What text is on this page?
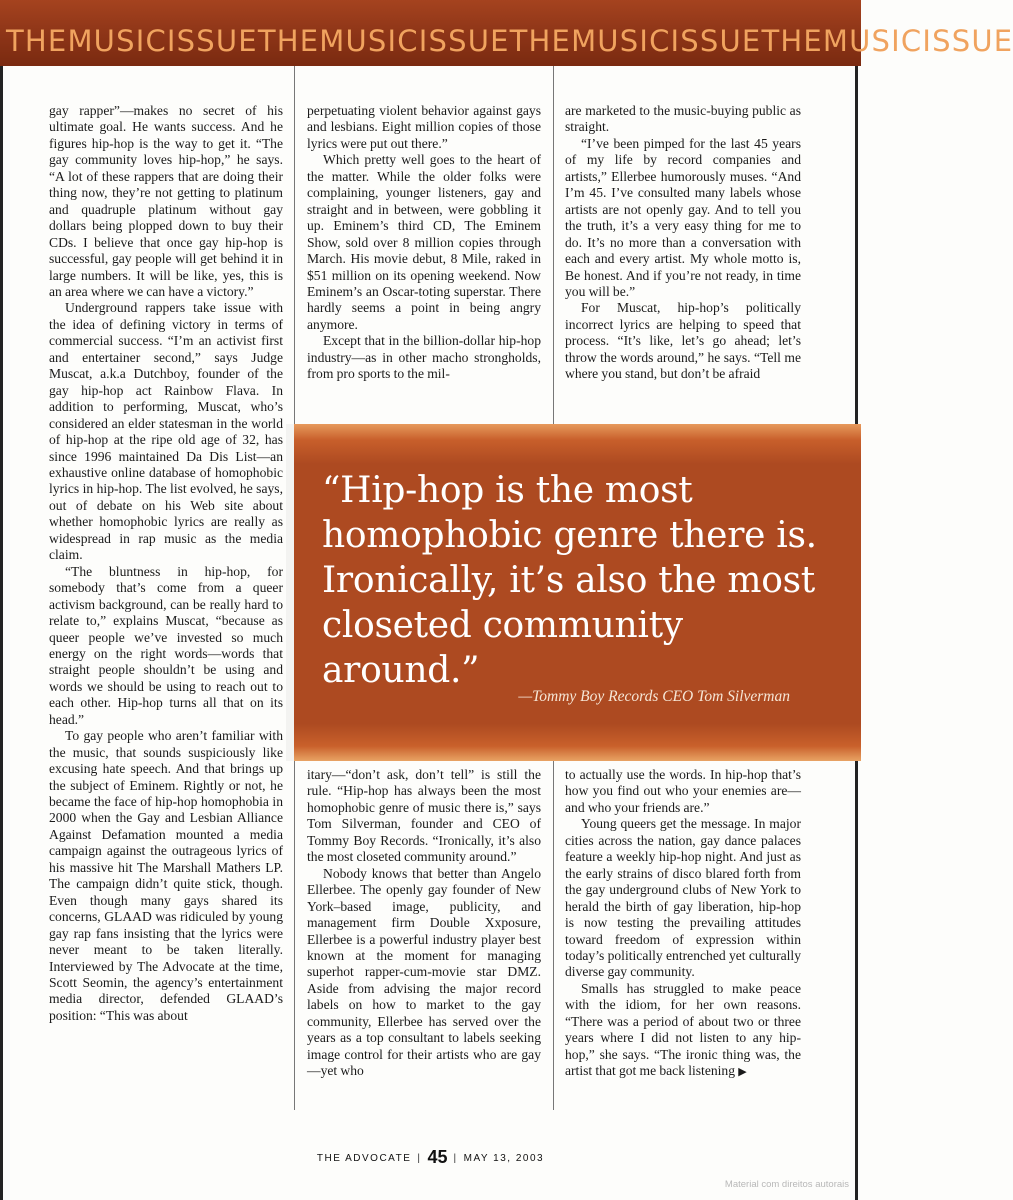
THEMUSICISSUETHEMUSICISSUETHEMUSICISSUETHEMUSICISSUE

gay rapper”—makes no secret of his ultimate goal. He wants success. And he figures hip-hop is the way to get it. “The gay community loves hip-hop,” he says. “A lot of these rappers that are doing their thing now, they’re not getting to platinum and quadruple platinum without gay dollars being plopped down to buy their CDs. I believe that once gay hip-hop is successful, gay people will get behind it in large numbers. It will be like, yes, this is an area where we can have a victory.”

Underground rappers take issue with the idea of defining victory in terms of commercial success. “I’m an activist first and entertainer second,” says Judge Muscat, a.k.a Dutchboy, founder of the gay hip-hop act Rainbow Flava. In addition to performing, Muscat, who’s considered an elder statesman in the world of hip-hop at the ripe old age of 32, has since 1996 maintained Da Dis List—an exhaustive online database of homophobic lyrics in hip-hop. The list evolved, he says, out of debate on his Web site about whether homophobic lyrics are really as widespread in rap music as the media claim.

“The bluntness in hip-hop, for somebody that’s come from a queer activism background, can be really hard to relate to,” explains Muscat, “because as queer people we’ve invested so much energy on the right words—words that straight people shouldn’t be using and words we should be using to reach out to each other. Hip-hop turns all that on its head.”

To gay people who aren’t familiar with the music, that sounds suspiciously like excusing hate speech. And that brings up the subject of Eminem. Rightly or not, he became the face of hip-hop homophobia in 2000 when the Gay and Lesbian Alliance Against Defamation mounted a media campaign against the outrageous lyrics of his massive hit The Marshall Mathers LP. The campaign didn’t quite stick, though. Even though many gays shared its concerns, GLAAD was ridiculed by young gay rap fans insisting that the lyrics were never meant to be taken literally. Interviewed by The Advocate at the time, Scott Seomin, the agency’s entertainment media director, defended GLAAD’s position: “This was about

perpetuating violent behavior against gays and lesbians. Eight million copies of those lyrics were put out there.”

Which pretty well goes to the heart of the matter. While the older folks were complaining, younger listeners, gay and straight and in between, were gobbling it up. Eminem’s third CD, The Eminem Show, sold over 8 million copies through March. His movie debut, 8 Mile, raked in $51 million on its opening weekend. Now Eminem’s an Oscar-toting superstar. There hardly seems a point in being angry anymore.

Except that in the billion-dollar hip-hop industry—as in other macho strongholds, from pro sports to the mil-

are marketed to the music-buying public as straight.

“I’ve been pimped for the last 45 years of my life by record companies and artists,” Ellerbee humorously muses. “And I’m 45. I’ve consulted many labels whose artists are not openly gay. And to tell you the truth, it’s a very easy thing for me to do. It’s no more than a conversation with each and every artist. My whole motto is, Be honest. And if you’re not ready, in time you will be.”

For Muscat, hip-hop’s politically incorrect lyrics are helping to speed that process. “It’s like, let’s go ahead; let’s throw the words around,” he says. “Tell me where you stand, but don’t be afraid

“Hip-hop is the most homophobic genre there is. Ironically, it’s also the most closeted community around.”
—Tommy Boy Records CEO Tom Silverman

itary—“don’t ask, don’t tell” is still the rule. “Hip-hop has always been the most homophobic genre of music there is,” says Tom Silverman, founder and CEO of Tommy Boy Records. “Ironically, it’s also the most closeted community around.”

Nobody knows that better than Angelo Ellerbee. The openly gay founder of New York–based image, publicity, and management firm Double Xxposure, Ellerbee is a powerful industry player best known at the moment for managing superhot rapper-cum-movie star DMZ. Aside from advising the major record labels on how to market to the gay community, Ellerbee has served over the years as a top consultant to labels seeking image control for their artists who are gay—yet who

to actually use the words. In hip-hop that’s how you find out who your enemies are—and who your friends are.”

Young queers get the message. In major cities across the nation, gay dance palaces feature a weekly hip-hop night. And just as the early strains of disco blared forth from the gay underground clubs of New York to herald the birth of gay liberation, hip-hop is now testing the prevailing attitudes toward freedom of expression within today’s politically entrenched yet culturally diverse gay community.

Smalls has struggled to make peace with the idiom, for her own reasons. “There was a period of about two or three years where I did not listen to any hip-hop,” she says. “The ironic thing was, the artist that got me back listening ▶

THE ADVOCATE | 45 | MAY 13, 2003
Material com direitos autorais
